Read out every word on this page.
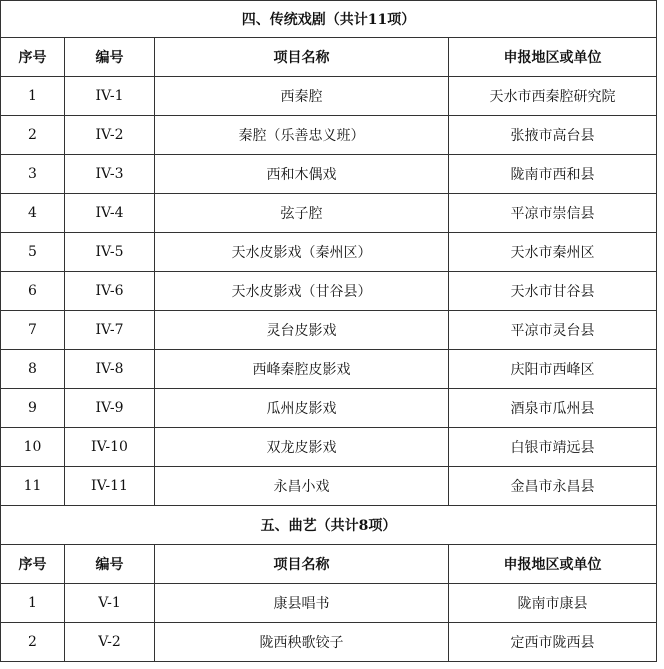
四、传统戏剧（共计11项）			
序号	编号	项目名称	申报地区或单位
1	IV-1	西秦腔	天水市西秦腔研究院
2	IV-2	秦腔（乐善忠义班）	张掖市高台县
3	IV-3	西和木偶戏	陇南市西和县
4	IV-4	弦子腔	平凉市崇信县
5	IV-5	天水皮影戏（秦州区）	天水市秦州区
6	IV-6	天水皮影戏（甘谷县）	天水市甘谷县
7	IV-7	灵台皮影戏	平凉市灵台县
8	IV-8	西峰秦腔皮影戏	庆阳市西峰区
9	IV-9	瓜州皮影戏	酒泉市瓜州县
10	IV-10	双龙皮影戏	白银市靖远县
11	IV-11	永昌小戏	金昌市永昌县
五、曲艺（共计8项）			
序号	编号	项目名称	申报地区或单位
1	V-1	康县唱书	陇南市康县
2	V-2	陇西秧歌铰子	定西市陇西县
